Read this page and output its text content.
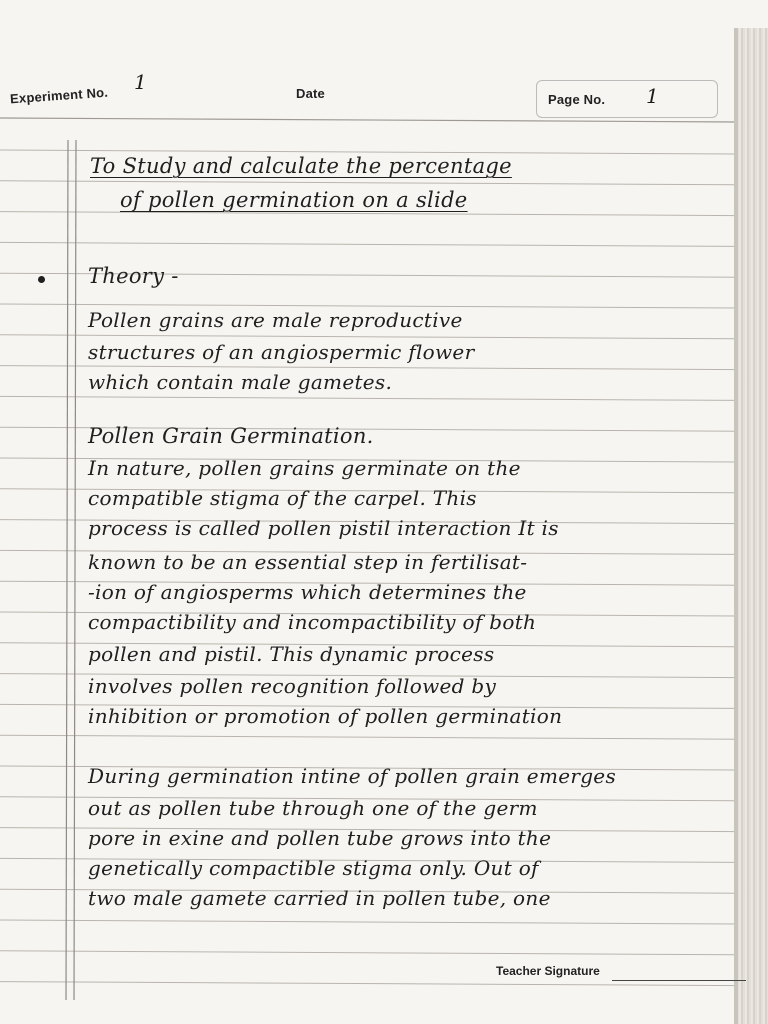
Experiment No.
1	Date	Page No. 1
To Study and calculate the percentage
of pollen germination on a slide
Theory -
Pollen grains are male reproductive
structures of an angiospermic flower
which contain male gametes.
Pollen Grain Germination.
In nature, pollen grains germinate on the
compatible stigma of the carpel. This
process is called pollen pistil interaction It is
known to be an essential step in fertilisat-
-ion of angiosperms which determines the
compactibility and incompactibility of both
pollen and pistil. This dynamic process
involves pollen recognition followed by
inhibition or promotion of pollen germination
During germination intine of pollen grain emerges
out as pollen tube through one of the germ
pore in exine and pollen tube grows into the
genetically compactible stigma only. Out of
two male gamete carried in pollen tube, one
Teacher Signature
